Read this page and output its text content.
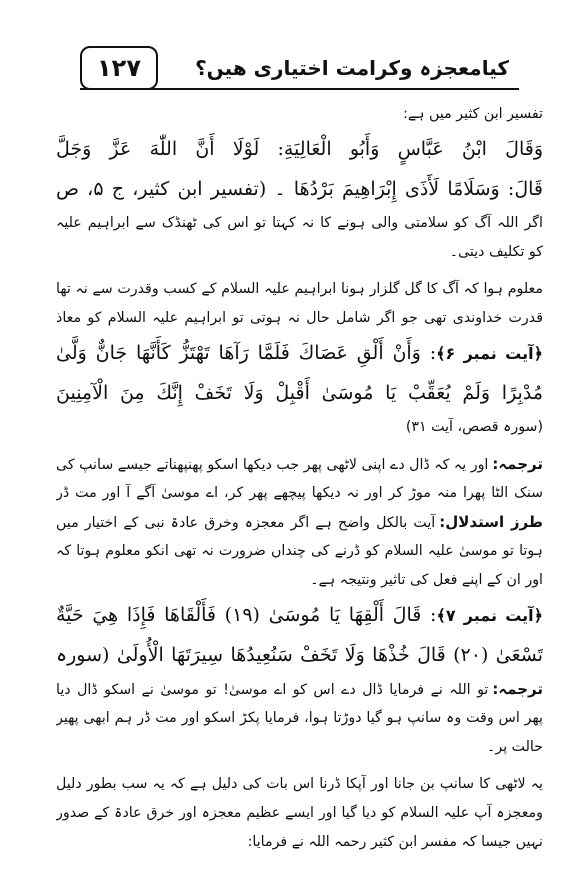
۱۲۷	کیامعجزہ وکرامت اختیاری ھیں؟
تفسیر ابن کثیر میں ہے:
وَقَالَ ابْنُ عَبَّاسٍ وَأَبُو الْعَالِيَةِ: لَوْلَا أَنَّ اللّٰهَ عَزَّ وَجَلَّ
قَالَ: وَسَلَامًا لَأَذَى إِبْرَاهِيمَ بَرْدُهَا ۔ (تفسیر ابن کثیر، ج ۵، ص
اگر اللہ آگ کو سلامتی والی ہونے کا نہ کہتا تو اس کی ٹھنڈک سے ابراہیم علیہ
کو تکلیف دیتی۔
معلوم ہوا کہ آگ کا گل گلزار ہونا ابراہیم علیہ السلام کے کسب وقدرت سے نہ تھا
قدرت خداوندی تھی جو اگر شامل حال نہ ہوتی تو ابراہیم علیہ السلام کو معاذ
﴿آیت نمبر ۶﴾: وَأَنْ أَلْقِ عَصَاكَ فَلَمَّا رَآهَا تَهْتَزُّ كَأَنَّهَا جَانٌّ وَلَّىٰ
مُدْبِرًا وَلَمْ يُعَقِّبْ يَا مُوسَىٰ أَقْبِلْ وَلَا تَخَفْ إِنَّكَ مِنَ الْآمِنِينَ
(سورہ قصص، آیت ۳۱)
ترجمہ:اور یہ کہ ڈال دے اپنی لاٹھی پھر جب دیکھا اسکو پھنپھناتے جیسے سانپ کی
سنک الٹا پھرا منہ موڑ کر اور نہ دیکھا پیچھے پھر کر، اے موسیٰ آگے آ اور مت ڈر
طرز استدلال:آیت بالکل واضح ہے اگر معجزہ وخرق عادۃ نبی کے اختیار میں
ہوتا تو موسیٰ علیہ السلام کو ڈرنے کی چنداں ضرورت نہ تھی انکو معلوم ہوتا کہ
اور ان کے اپنے فعل کی تاثیر ونتیجہ ہے۔
﴿آیت نمبر ۷﴾: قَالَ أَلْقِهَا يَا مُوسَىٰ (۱۹) فَأَلْقَاهَا فَإِذَا هِيَ حَيَّةٌ
تَسْعَىٰ (۲۰) قَالَ خُذْهَا وَلَا تَخَفْ سَنُعِيدُهَا سِيرَتَهَا الْأُولَىٰ (سورہ
ترجمہ:تو اللہ نے فرمایا ڈال دے اس کو اے موسیٰ! تو موسیٰ نے اسکو ڈال دیا
پھر اس وقت وہ سانپ ہو گیا دوڑتا ہوا، فرمایا پکڑ اسکو اور مت ڈر ہم ابھی پھیر
حالت پر۔
یہ لاٹھی کا سانپ بن جانا اور آپکا ڈرنا اس بات کی دلیل ہے کہ یہ سب بطور دلیل
ومعجزہ آپ علیہ السلام کو دیا گیا اور ایسے عظیم معجزہ اور خرق عادۃ کے صدور
نہیں جیسا کہ مفسر ابن کثیر رحمہ اللہ نے فرمایا:
